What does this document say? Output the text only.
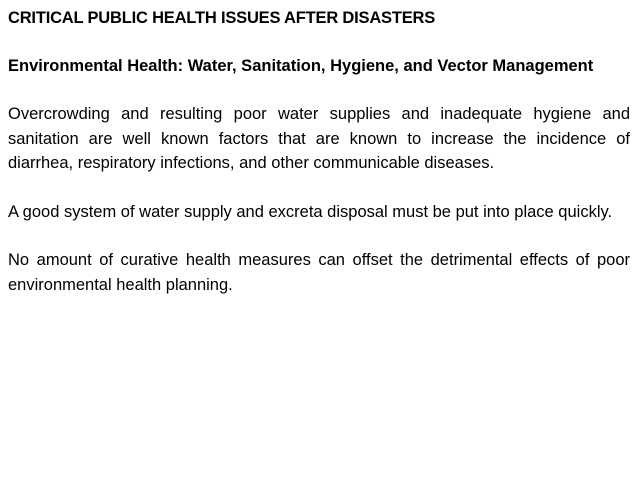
CRITICAL PUBLIC HEALTH ISSUES AFTER DISASTERS
Environmental Health: Water, Sanitation, Hygiene, and Vector Management
Overcrowding and resulting poor water supplies and inadequate hygiene and sanitation are well known factors that are known to increase the incidence of diarrhea, respiratory infections, and other communicable diseases.
A good system of water supply and excreta disposal must be put into place quickly.
No amount of curative health measures can offset the detrimental effects of poor environmental health planning.
